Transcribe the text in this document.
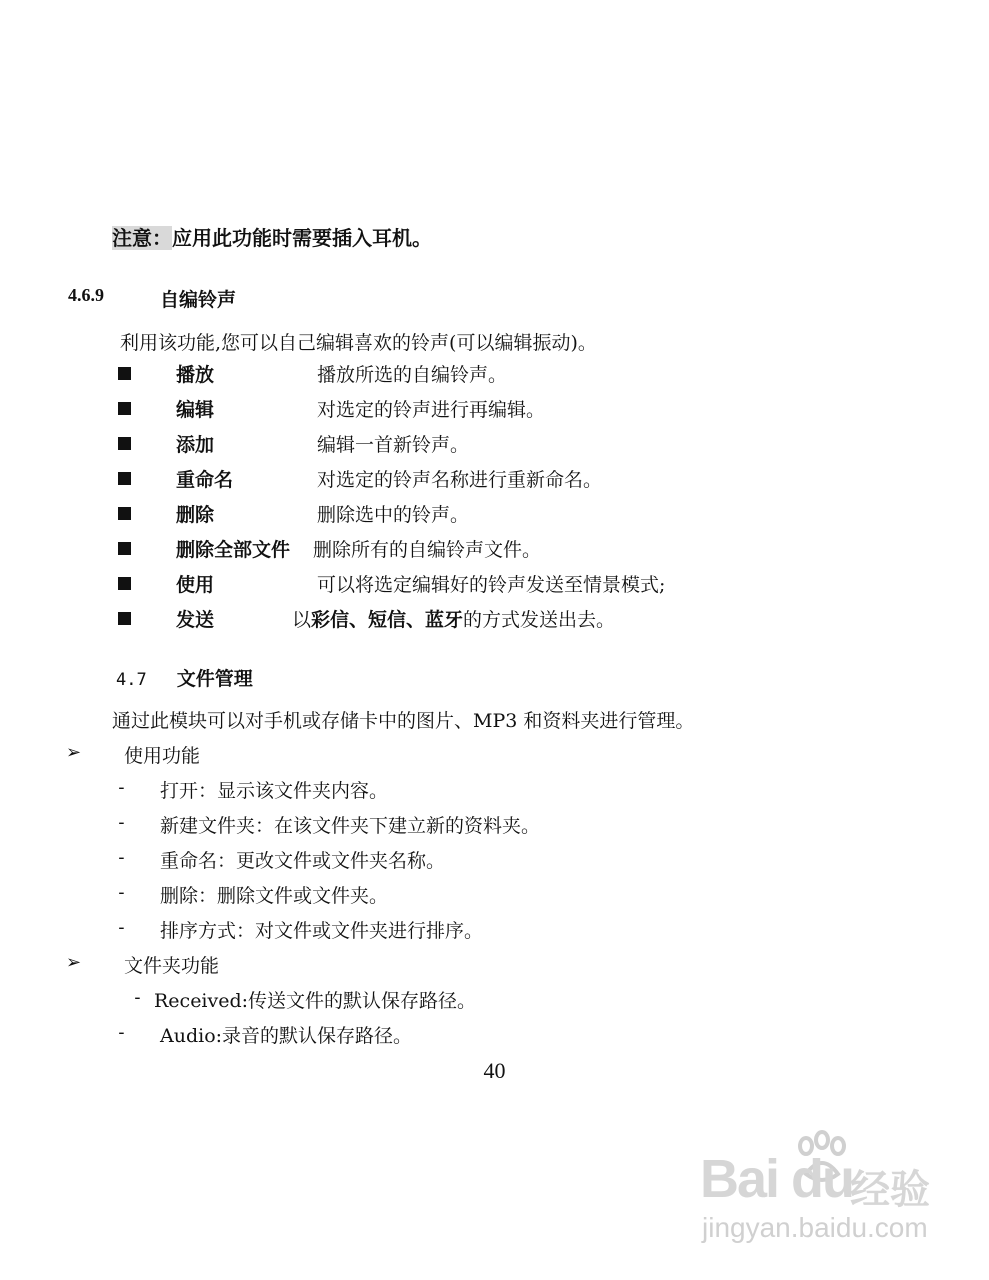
注意：应用此功能时需要插入耳机。
4.6.9	自编铃声
利用该功能,您可以自己编辑喜欢的铃声(可以编辑振动)。
播放	播放所选的自编铃声。
编辑	对选定的铃声进行再编辑。
添加	编辑一首新铃声。
重命名	对选定的铃声名称进行重新命名。
删除	删除选中的铃声。
删除全部文件 删除所有的自编铃声文件。
使用	可以将选定编辑好的铃声发送至情景模式;
发送	以彩信、短信、蓝牙的方式发送出去。
4.7 文件管理
通过此模块可以对手机或存储卡中的图片、MP3 和资料夹进行管理。
➢ 使用功能
- 打开：显示该文件夹内容。
- 新建文件夹：在该文件夹下建立新的资料夹。
- 重命名：更改文件或文件夹名称。
- 删除：删除文件或文件夹。
- 排序方式：对文件或文件夹进行排序。
➢ 文件夹功能
- Received:传送文件的默认保存路径。
- Audio:录音的默认保存路径。
40
Bai du
经验
jingyan.baidu.com
